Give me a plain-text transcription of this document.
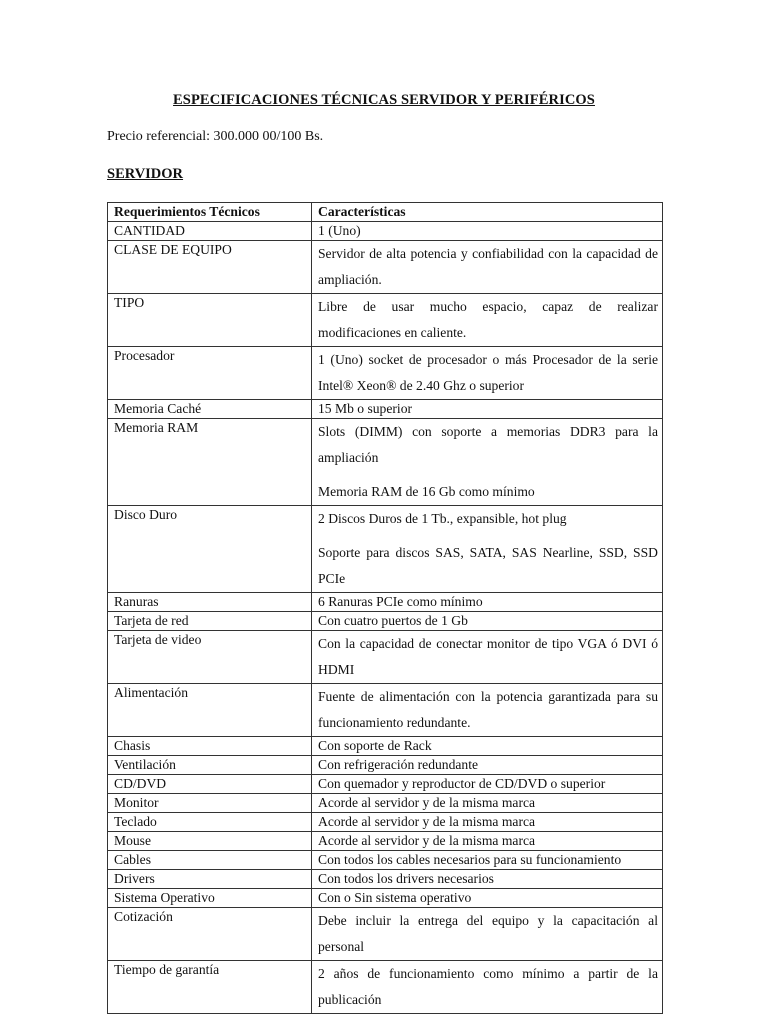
ESPECIFICACIONES TÉCNICAS SERVIDOR Y PERIFÉRICOS
Precio referencial: 300.000 00/100 Bs.
SERVIDOR
Requerimientos Técnicos	Características
CANTIDAD	1 (Uno)

CLASE DE EQUIPO	Servidor de alta potencia y confiabilidad con la capacidad de ampliación.

TIPO	Libre de usar mucho espacio, capaz de realizar modificaciones en caliente.

Procesador	1 (Uno) socket de procesador o más Procesador de la serie Intel® Xeon® de 2.40 Ghz o superior

Memoria Caché	15 Mb o superior

Memoria RAM	Slots (DIMM) con soporte a memorias DDR3 para la ampliación
Memoria RAM de 16 Gb como mínimo

Disco Duro	2 Discos Duros de 1 Tb., expansible, hot plug
Soporte para discos SAS, SATA, SAS Nearline, SSD, SSD PCIe

Ranuras	6 Ranuras PCIe como mínimo

Tarjeta de red	Con cuatro puertos de 1 Gb

Tarjeta de video	Con la capacidad de conectar monitor de tipo VGA ó DVI ó HDMI

Alimentación	Fuente de alimentación con la potencia garantizada para su funcionamiento redundante.

Chasis	Con soporte de Rack

Ventilación	Con refrigeración redundante

CD/DVD	Con quemador y reproductor de CD/DVD o superior

Monitor	Acorde al servidor y de la misma marca

Teclado	Acorde al servidor y de la misma marca

Mouse	Acorde al servidor y de la misma marca

Cables	Con todos los cables necesarios para su funcionamiento

Drivers	Con todos los drivers necesarios

Sistema Operativo	Con o Sin sistema operativo

Cotización	Debe incluir la entrega del equipo y la capacitación al personal

Tiempo de garantía	2 años de funcionamiento como mínimo a partir de la publicación
